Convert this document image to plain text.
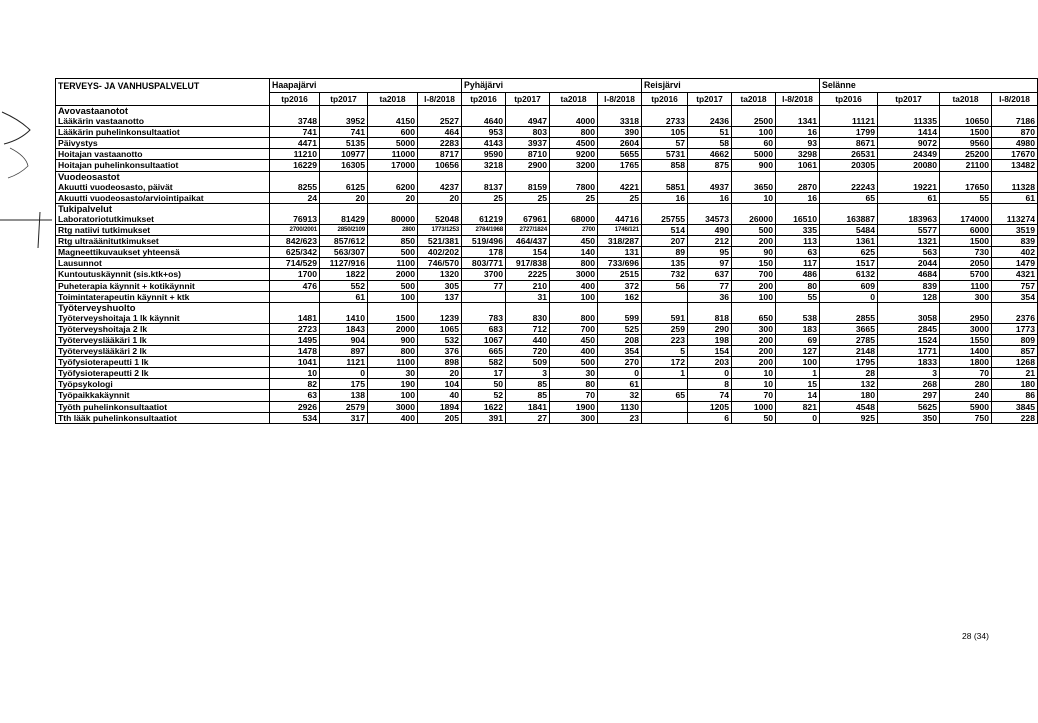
TERVEYS- JA VANHUSPALVELUT	Haapajärvi				Pyhäjärvi				Reisjärvi				Selänne			
	tp2016	tp2017	ta2018	I-8/2018	tp2016	tp2017	ta2018	I-8/2018	tp2016	tp2017	ta2018	I-8/2018	tp2016	tp2017	ta2018	I-8/2018
Avovastaanotot																
Lääkärin vastaanotto	3748	3952	4150	2527	4640	4947	4000	3318	2733	2436	2500	1341	11121	11335	10650	7186
Lääkärin puhelinkonsultaatiot	741	741	600	464	953	803	800	390	105	51	100	16	1799	1414	1500	870
Päivystys	4471	5135	5000	2283	4143	3937	4500	2604	57	58	60	93	8671	9072	9560	4980
Hoitajan vastaanotto	11210	10977	11000	8717	9590	8710	9200	5655	5731	4662	5000	3298	26531	24349	25200	17670
Hoitajan puhelinkonsultaatiot	16229	16305	17000	10656	3218	2900	3200	1765	858	875	900	1061	20305	20080	21100	13482
Vuodeosastot																
Akuutti vuodeosasto, päivät	8255	6125	6200	4237	8137	8159	7800	4221	5851	4937	3650	2870	22243	19221	17650	11328
Akuutti vuodeosasto/arviointipaikat	24	20	20	20	25	25	25	25	16	16	10	16	65	61	55	61
Tukipalvelut																
Laboratoriotutkimukset	76913	81429	80000	52048	61219	67961	68000	44716	25755	34573	26000	16510	163887	183963	174000	113274
Rtg natiivi tutkimukset	2700/2001	2850/2109	2800	1773/1253	2784/1968	2727/1824	2700	1746/121	514	490	500	335	5484	5577	6000	3519
Rtg ultraäänitutkimukset	842/623	857/612	850	521/381	519/496	464/437	450	318/287	207	212	200	113	1361	1321	1500	839
Magneettikuvaukset yhteensä	625/342	563/307	500	402/202	178	154	140	131	89	95	90	63	625	563	730	402
Lausunnot	714/529	1127/916	1100	746/570	803/771	917/838	800	733/696	135	97	150	117	1517	2044	2050	1479
Kuntoutuskäynnit (sis.ktk+os)	1700	1822	2000	1320	3700	2225	3000	2515	732	637	700	486	6132	4684	5700	4321
Puheterapia käynnit + kotikäynnit	476	552	500	305	77	210	400	372	56	77	200	80	609	839	1100	757
Toimintaterapeutin käynnit + ktk		61	100	137		31	100	162		36	100	55	0	128	300	354
Työterveyshuolto																
Työterveyshoitaja 1 lk käynnit	1481	1410	1500	1239	783	830	800	599	591	818	650	538	2855	3058	2950	2376
Työterveyshoitaja 2 lk	2723	1843	2000	1065	683	712	700	525	259	290	300	183	3665	2845	3000	1773
Työterveyslääkäri 1 lk	1495	904	900	532	1067	440	450	208	223	198	200	69	2785	1524	1550	809
Työterveyslääkäri 2 lk	1478	897	800	376	665	720	400	354	5	154	200	127	2148	1771	1400	857
Työfysioterapeutti 1 lk	1041	1121	1100	898	582	509	500	270	172	203	200	100	1795	1833	1800	1268
Työfysioterapeutti 2 lk	10	0	30	20	17	3	30	0	1	0	10	1	28	3	70	21
Työpsykologi	82	175	190	104	50	85	80	61		8	10	15	132	268	280	180
Työpaikkakäynnit	63	138	100	40	52	85	70	32	65	74	70	14	180	297	240	86
Työth puhelinkonsultaatiot	2926	2579	3000	1894	1622	1841	1900	1130		1205	1000	821	4548	5625	5900	3845
Tth lääk puhelinkonsultaatiot	534	317	400	205	391	27	300	23		6	50	0	925	350	750	228
28 (34)
